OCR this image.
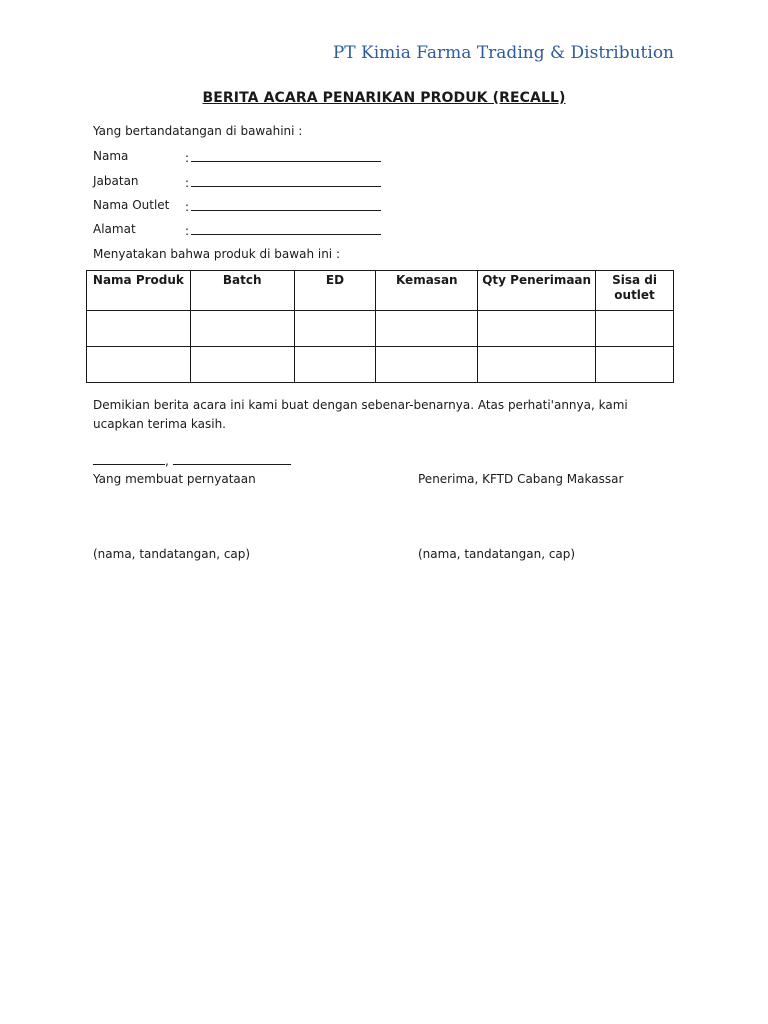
PT Kimia Farma Trading & Distribution
BERITA ACARA PENARIKAN PRODUK (RECALL)
Yang bertandatangan di bawahini :
Nama	:
Jabatan	:
Nama Outlet :
Alamat	:
Menyatakan bahwa produk di bawah ini :
Nama Produk	Batch	ED	Kemasan	Qty Penerimaan	Sisa di outlet

Demikian berita acara ini kami buat dengan sebenar-benarnya. Atas perhati'annya, kami ucapkan terima kasih.
,
Yang membuat pernyataan	Penerima, KFTD Cabang Makassar
(nama, tandatangan, cap)	(nama, tandatangan, cap)
